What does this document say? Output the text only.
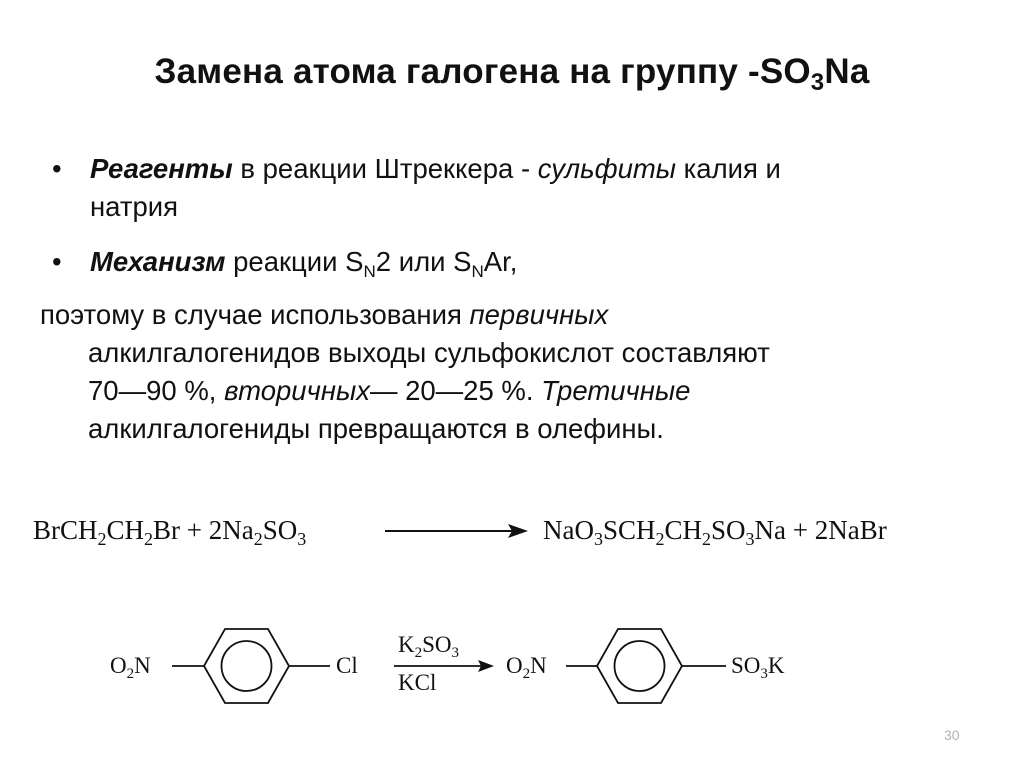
Замена атома галогена на группу $-SO_3Na$
• Реагенты в реакции Штреккера - сульфиты калия и
натрия
• Механизм реакции $S_N2$ или $S_NAr$,
поэтому в случае использования первичных
алкилгалогенидов выходы сульфокислот составляют
70—90 %, вторичных— 20—25 %. Третичные
алкилгалогениды превращаются в олефины.
$BrCH_2CH_2Br + 2Na_2SO_3$	$NaO_3SCH_2CH_2SO_3Na$ + 2NaBr
$O_2N$	Cl
$K_2SO_3$
KCl
$O_2N$	$SO_3K$
30
